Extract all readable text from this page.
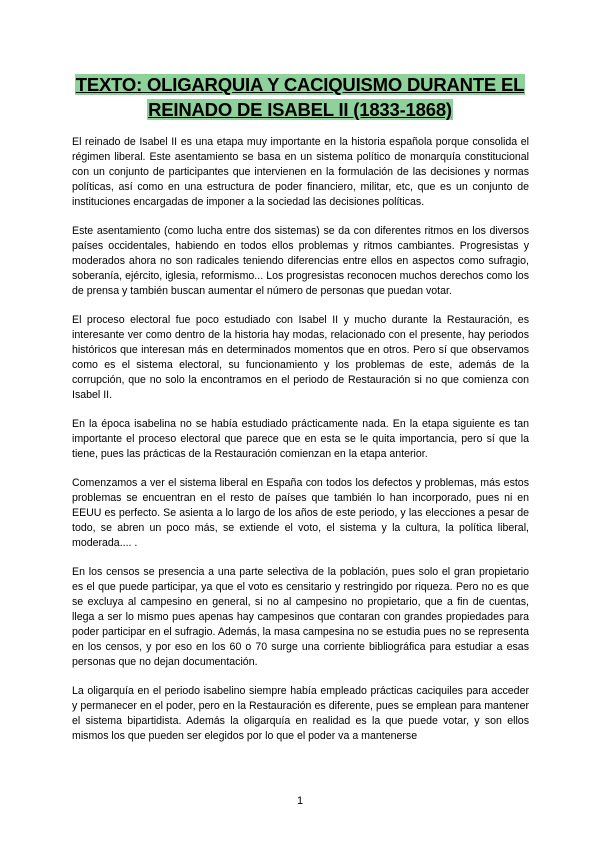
TEXTO: OLIGARQUIA Y CACIQUISMO DURANTE EL
REINADO DE ISABEL II (1833-1868)

El reinado de Isabel II es una etapa muy importante en la historia española porque consolida el régimen liberal. Este asentamiento se basa en un sistema político de monarquía constitucional con un conjunto de participantes que intervienen en la formulación de las decisiones y normas políticas, así como en una estructura de poder financiero, militar, etc, que es un conjunto de instituciones encargadas de imponer a la sociedad las decisiones políticas.

Este asentamiento (como lucha entre dos sistemas) se da con diferentes ritmos en los diversos países occidentales, habiendo en todos ellos problemas y ritmos cambiantes. Progresistas y moderados ahora no son radicales teniendo diferencias entre ellos en aspectos como sufragio, soberanía, ejército, iglesia, reformismo... Los progresistas reconocen muchos derechos como los de prensa y también buscan aumentar el número de personas que puedan votar.

El proceso electoral fue poco estudiado con Isabel II y mucho durante la Restauración, es interesante ver como dentro de la historia hay modas, relacionado con el presente, hay periodos históricos que interesan más en determinados momentos que en otros. Pero sí que observamos como es el sistema electoral, su funcionamiento y los problemas de este, además de la corrupción, que no solo la encontramos en el periodo de Restauración si no que comienza con Isabel II.

En la época isabelina no se había estudiado prácticamente nada. En la etapa siguiente es tan importante el proceso electoral que parece que en esta se le quita importancia, pero sí que la tiene, pues las prácticas de la Restauración comienzan en la etapa anterior.

Comenzamos a ver el sistema liberal en España con todos los defectos y problemas, más estos problemas se encuentran en el resto de países que también lo han incorporado, pues ni en EEUU es perfecto. Se asienta a lo largo de los años de este periodo, y las elecciones a pesar de todo, se abren un poco más, se extiende el voto, el sistema y la cultura, la política liberal, moderada.... .

En los censos se presencia a una parte selectiva de la población, pues solo el gran propietario es el que puede participar, ya que el voto es censitario y restringido por riqueza. Pero no es que se excluya al campesino en general, si no al campesino no propietario, que a fin de cuentas, llega a ser lo mismo pues apenas hay campesinos que contaran con grandes propiedades para poder participar en el sufragio. Además, la masa campesina no se estudia pues no se representa en los censos, y por eso en los 60 o 70 surge una corriente bibliográfica para estudiar a esas personas que no dejan documentación.

La oligarquía en el periodo isabelino siempre había empleado prácticas caciquiles para acceder y permanecer en el poder, pero en la Restauración es diferente, pues se emplean para mantener el sistema bipartidista. Además la oligarquía en realidad es la que puede votar, y son ellos mismos los que pueden ser elegidos por lo que el poder va a mantenerse

1
